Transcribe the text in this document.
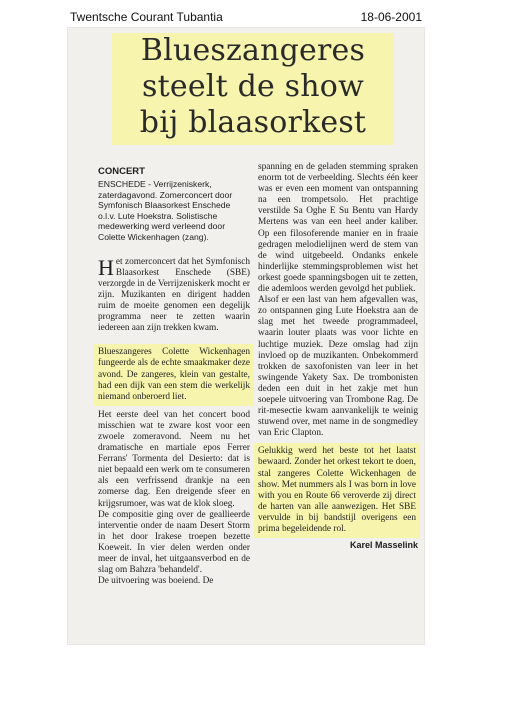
Twentsche Courant Tubantia	18-06-2001
Blueszangeres
steelt de show
bij blaasorkest
CONCERT
ENSCHEDE - Verrijzeniskerk, zaterdagavond. Zomerconcert door Symfonisch Blaasorkest Enschede o.l.v. Lute Hoekstra. Solistische medewerking werd verleend door Colette Wickenhagen (zang).

Het zomerconcert dat het Symfonisch Blaasorkest Enschede (SBE) verzorgde in de Verrijzeniskerk mocht er zijn. Muzikanten en dirigent hadden ruim de moeite genomen een degelijk programma neer te zetten waarin iedereen aan zijn trekken kwam.

Blueszangeres Colette Wickenhagen fungeerde als de echte smaakmaker deze avond. De zangeres, klein van gestalte, had een dijk van een stem die werkelijk niemand onberoerd liet.

Het eerste deel van het concert bood misschien wat te zware kost voor een zwoele zomeravond. Neem nu het dramatische en martiale epos Ferrer Ferrans' Tormenta del Desierto: dat is niet bepaald een werk om te consumeren als een verfrissend drankje na een zomerse dag. Een dreigende sfeer en krijgsrumoer, was wat de klok sloeg.

De compositie ging over de geallieerde interventie onder de naam Desert Storm in het door Irakese troepen bezette Koeweit. In vier delen werden onder meer de inval, het uitgaansverbod en de slag om Bahzra 'behandeld'.

De uitvoering was boeiend. De

spanning en de geladen stemming spraken enorm tot de verbeelding. Slechts één keer was er even een moment van ontspanning na een trompetsolo. Het prachtige verstilde Sa Oghe E Su Bentu van Hardy Mertens was van een heel ander kaliber. Op een filosoferende manier en in fraaie gedragen melodielijnen werd de stem van de wind uitgebeeld. Ondanks enkele hinderlijke stemmingsproblemen wist het orkest goede spanningsbogen uit te zetten, die ademloos werden gevolgd het publiek.

Alsof er een last van hem afgevallen was, zo ontspannen ging Lute Hoekstra aan de slag met het tweede programmadeel, waarin louter plaats was voor lichte en luchtige muziek. Deze omslag had zijn invloed op de muzikanten. Onbekommerd trokken de saxofonisten van leer in het swingende Yakety Sax. De trombonisten deden een duit in het zakje met hun soepele uitvoering van Trombone Rag. De rit-mesectie kwam aanvankelijk te weinig stuwend over, met name in de songmedley van Eric Clapton.

Gelukkig werd het beste tot het laatst bewaard. Zonder het orkest tekort te doen, stal zangeres Colette Wickenhagen de show. Met nummers als I was born in love with you en Route 66 veroverde zij direct de harten van alle aanwezigen. Het SBE vervulde in bij bandstijl overigens een prima begeleidende rol.
Karel Masselink
